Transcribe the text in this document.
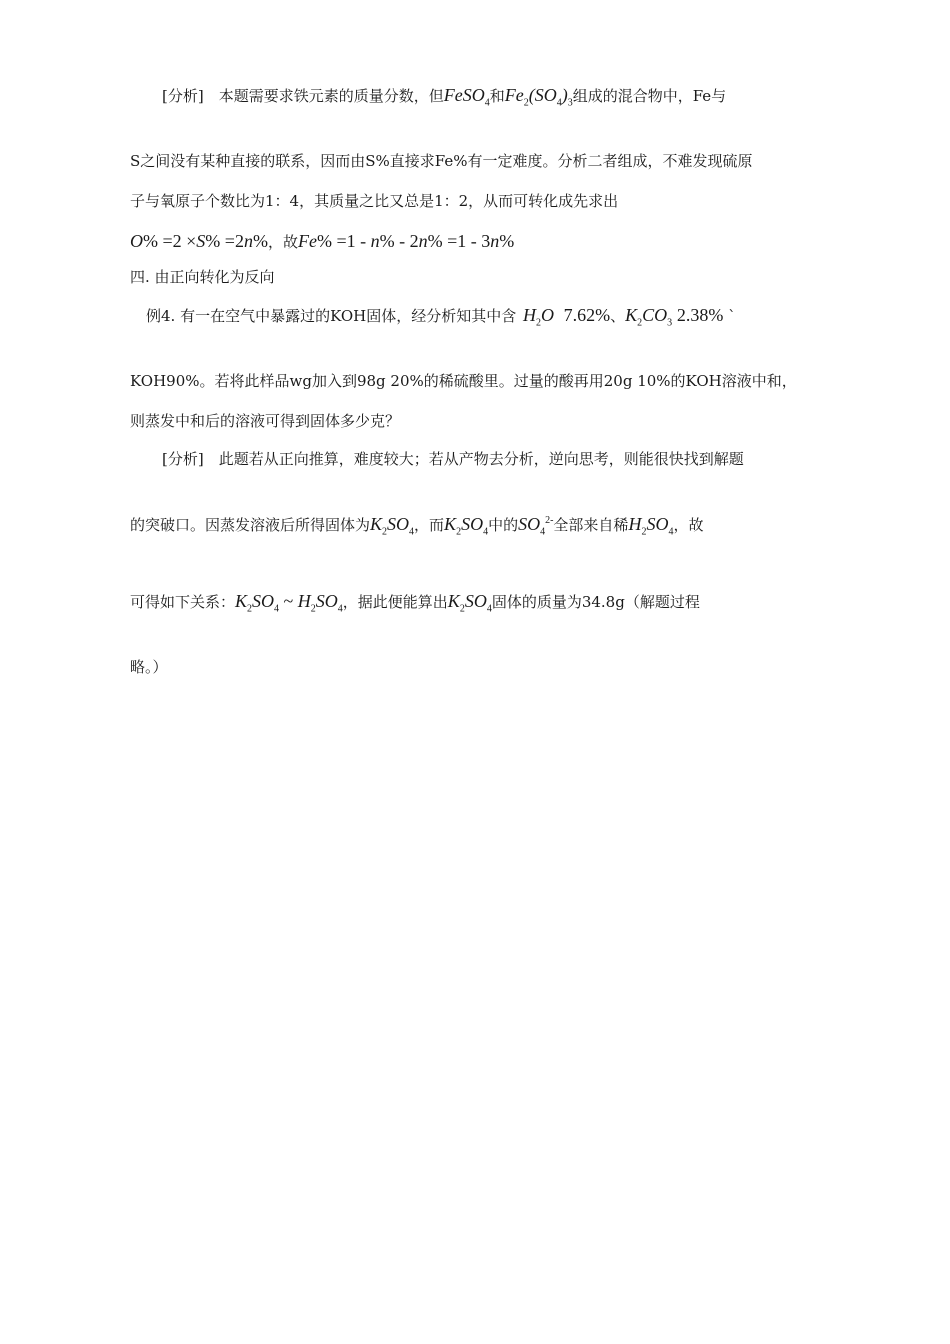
[分析]　本题需要求铁元素的质量分数，但FeSO$_4$和$Fe_2(SO_4)_3$组成的混合物中，Fe与
S之间没有某种直接的联系，因而由S%直接求Fe%有一定难度。分析二者组成，不难发现硫原
子与氧原子个数比为1：4，其质量之比又总是1：2，从而可转化成先求出
O% =2 ×S% =2n%，故Fe% =1 - n% - 2n% =1 - 3n%
四. 由正向转化为反向
例4. 有一在空气中暴露过的KOH固体，经分析知其中含 $H_2O$ 7.62%、$K_2CO_3$ 2.38% `
KOH90%。若将此样品wg加入到98g 20%的稀硫酸里。过量的酸再用20g 10%的KOH溶液中和，
则蒸发中和后的溶液可得到固体多少克？
[分析]　此题若从正向推算，难度较大；若从产物去分析，逆向思考，则能很快找到解题
的突破口。因蒸发溶液后所得固体为$K_2SO_4$，而$K_2SO_4$中的$SO_4^{2-}$全部来自稀$H_2SO_4$，故
可得如下关系：$K_2SO_4$ ~ $H_2SO_4$，据此便能算出$K_2SO_4$固体的质量为34.8g（解题过程
略。）
